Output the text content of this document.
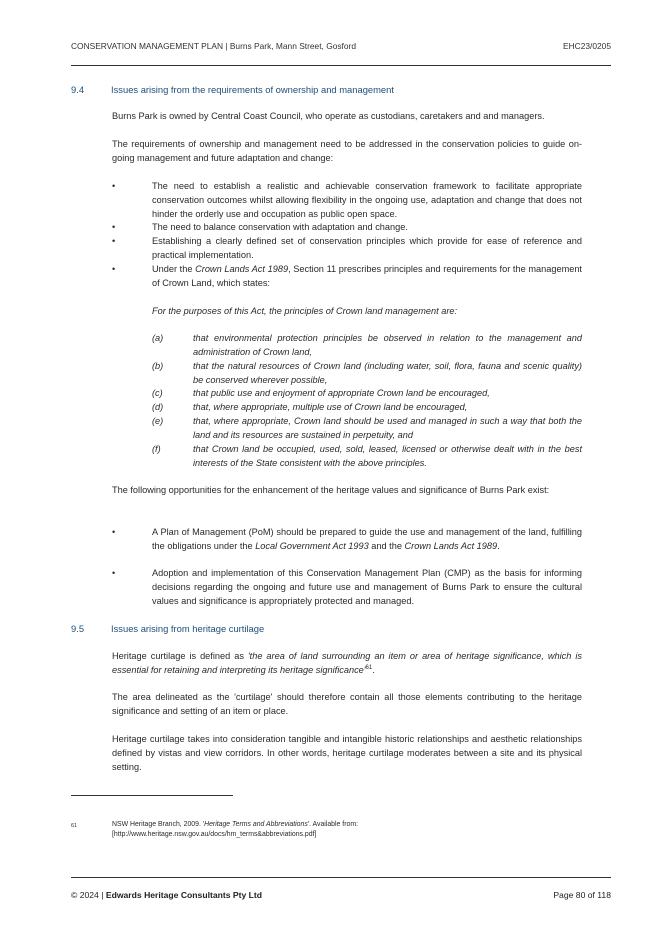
CONSERVATION MANAGEMENT PLAN | Burns Park, Mann Street, Gosford	EHC23/0205
9.4	Issues arising from the requirements of ownership and management

Burns Park is owned by Central Coast Council, who operate as custodians, caretakers and and managers.

The requirements of ownership and management need to be addressed in the conservation policies to guide on-going management and future adaptation and change:

•	The need to establish a realistic and achievable conservation framework to facilitate appropriate conservation outcomes whilst allowing flexibility in the ongoing use, adaptation and change that does not hinder the orderly use and occupation as public open space.
•	The need to balance conservation with adaptation and change.
•	Establishing a clearly defined set of conservation principles which provide for ease of reference and practical implementation.
•	Under the Crown Lands Act 1989, Section 11 prescribes principles and requirements for the management of Crown Land, which states:

For the purposes of this Act, the principles of Crown land management are:

(a)	that environmental protection principles be observed in relation to the management and administration of Crown land,
(b)	that the natural resources of Crown land (including water, soil, flora, fauna and scenic quality) be conserved wherever possible,
(c)	that public use and enjoyment of appropriate Crown land be encouraged,
(d)	that, where appropriate, multiple use of Crown land be encouraged,
(e)	that, where appropriate, Crown land should be used and managed in such a way that both the land and its resources are sustained in perpetuity, and
(f)	that Crown land be occupied, used, sold, leased, licensed or otherwise dealt with in the best interests of the State consistent with the above principles.

The following opportunities for the enhancement of the heritage values and significance of Burns Park exist:

•	A Plan of Management (PoM) should be prepared to guide the use and management of the land, fulfilling the obligations under the Local Government Act 1993 and the Crown Lands Act 1989.
•	Adoption and implementation of this Conservation Management Plan (CMP) as the basis for informing decisions regarding the ongoing and future use and management of Burns Park to ensure the cultural values and significance is appropriately protected and managed.
9.5	Issues arising from heritage curtilage

Heritage curtilage is defined as 'the area of land surrounding an item or area of heritage significance, which is essential for retaining and interpreting its heritage $significance'^{61}$.

The area delineated as the 'curtilage' should therefore contain all those elements contributing to the heritage significance and setting of an item or place.

Heritage curtilage takes into consideration tangible and intangible historic relationships and aesthetic relationships defined by vistas and view corridors. In other words, heritage curtilage moderates between a site and its physical setting.

61	NSW Heritage Branch, 2009. 'Heritage Terms and Abbreviations'. Available from:
[http://www.heritage.nsw.gov.au/docs/hm_terms&abbreviations.pdf]
© 2024 | Edwards Heritage Consultants Pty Ltd	Page 80 of 118
